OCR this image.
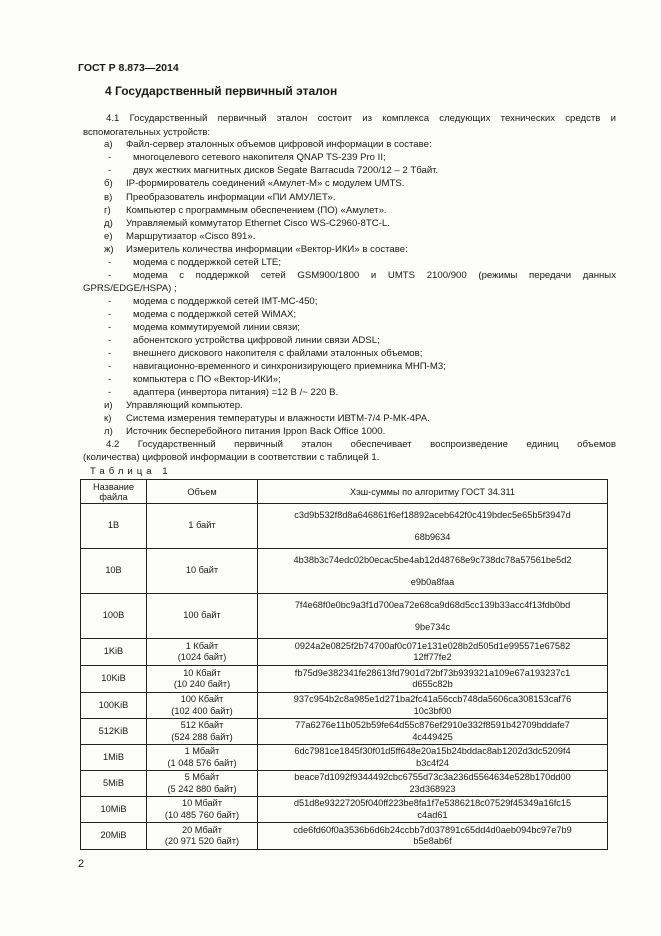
ГОСТ Р 8.873—2014
4 Государственный первичный эталон
4.1 Государственный первичный эталон состоит из комплекса следующих технических средств и
вспомогательных устройств:
а)	Файл-сервер эталонных объемов цифровой информации в составе:
- многоцелевого сетевого накопителя QNAP TS-239 Pro II;
- двух жестких магнитных дисков Segate Barracuda 7200/12 – 2 Тбайт.
б)	IP-формирователь соединений «Амулет-М» с модулем UMTS.
в)	Преобразователь информации «ПИ АМУЛЕТ».
г)	Компьютер с программным обеспечением (ПО) «Амулет».
д)	Управляемый коммутатор Ethernet Cisco WS-C2960-8TC-L.
е)	Маршрутизатор «Cisco 891».
ж)	Измеритель количества информации «Вектор-ИКИ» в составе:
- модема с поддержкой сетей LTE;
-	модема с поддержкой сетей GSM900/1800 и UMTS 2100/900 (режимы передачи данных
GPRS/EDGE/HSPA) ;
- модема с поддержкой сетей IMT-MC-450;
- модема с поддержкой сетей WiMAX;
- модема коммутируемой линии связи;
- абонентского устройства цифровой линии связи ADSL;
- внешнего дискового накопителя с файлами эталонных объемов;
- навигационно-временного и синхронизирующего приемника МНП-М3;
- компьютера с ПО «Вектор-ИКИ»;
- адаптера (инвертора питания) =12 В /~ 220 В.
и)	Управляющий компьютер.
к)	Система измерения температуры и влажности ИВТМ-7/4 Р-МК-4РА.
л)	Источник бесперебойного питания Ippon Back Office 1000.
4.2 Государственный первичный эталон обеспечивает воспроизведение единиц объемов
(количества) цифровой информации в соответствии с таблицей 1.
Таблица 1
Название
файла	Объем	Хэш-суммы по алгоритму ГОСТ 34.311
1B	1 байт	c3d9b532f8d8a646861f6ef18892aceb642f0c419bdec5e65b5f3947d
68b9634
10B	10 байт	4b38b3c74edc02b0ecac5be4ab12d48768e9c738dc78a57561be5d2
e9b0a8faa
100B	100 байт	7f4e68f0e0bc9a3f1d700ea72e68ca9d68d5cc139b33acc4f13fdb0bd
9be734c
1KiB	1 Кбайт
(1024 байт)	0924a2e0825f2b74700af0c071e131e028b2d505d1e995571e67582
12ff77fe2
10KiB	10 Кбайт
(10 240 байт)	fb75d9e382341fe28613fd7901d72bf73b939321a109e67a193237c1
d655c82b
100KiB	100 Кбайт
(102 400 байт)	937c954b2c8a985e1d271ba2fc41a56ccb748da5606ca308153caf76
10c3bf00
512KiB	512 Кбайт
(524 288 байт)	77a6276e11b052b59fe64d55c876ef2910e332f8591b42709bddafe7
4c449425
1MiB	1 Мбайт
(1 048 576 байт)	6dc7981ce1845f30f01d5ff648e20a15b24bddac8ab1202d3dc5209f4
b3c4f24
5MiB	5 Мбайт
(5 242 880 байт)	beace7d1092f9344492cbc6755d73c3a236d5564634e528b170dd00
23d368923
10MiB	10 Мбайт
(10 485 760 байт)	d51d8e93227205f040ff223be8fa1f7e5386218c07529f45349a16fc15
c4ad61
20MiB	20 Мбайт
(20 971 520 байт)	cde6fd60f0a3536b6d6b24ccbb7d037891c65dd4d0aeb094bc97e7b9
b5e8ab6f
2
